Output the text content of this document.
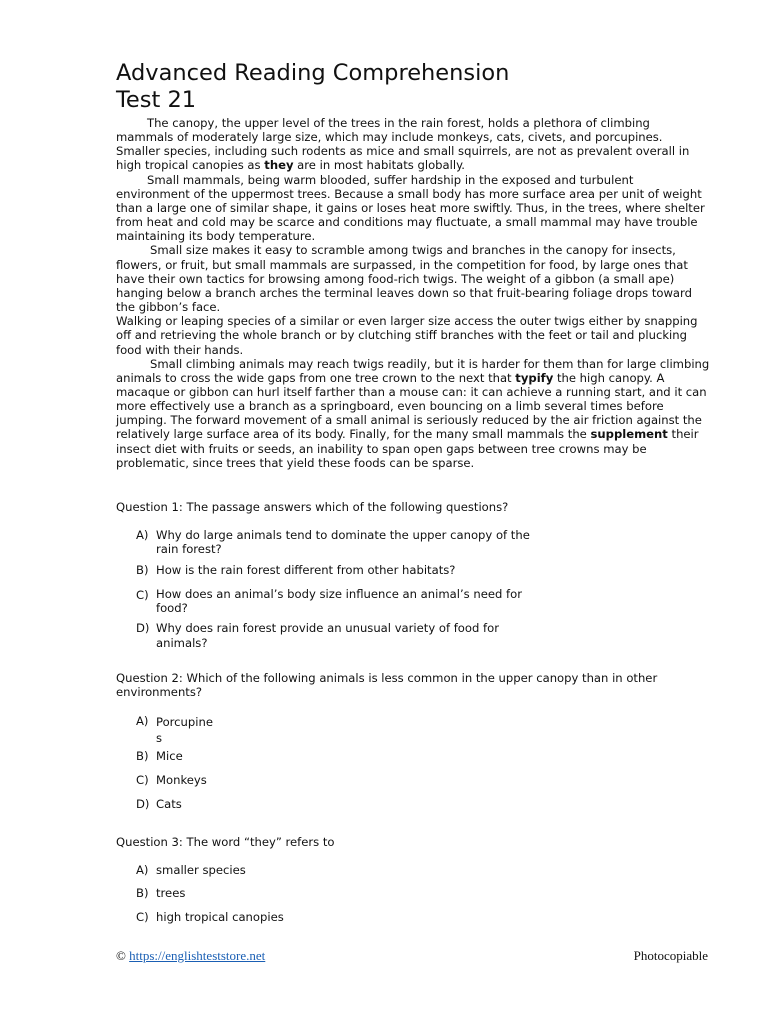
Advanced Reading Comprehension
Test 21

The canopy, the upper level of the trees in the rain forest, holds a plethora of climbing mammals of moderately large size, which may include monkeys, cats, civets, and porcupines. Smaller species, including such rodents as mice and small squirrels, are not as prevalent overall in high tropical canopies as they are in most habitats globally.

Small mammals, being warm blooded, suffer hardship in the exposed and turbulent environment of the uppermost trees. Because a small body has more surface area per unit of weight than a large one of similar shape, it gains or loses heat more swiftly. Thus, in the trees, where shelter from heat and cold may be scarce and conditions may fluctuate, a small mammal may have trouble maintaining its body temperature.

Small size makes it easy to scramble among twigs and branches in the canopy for insects, flowers, or fruit, but small mammals are surpassed, in the competition for food, by large ones that have their own tactics for browsing among food-rich twigs. The weight of a gibbon (a small ape) hanging below a branch arches the terminal leaves down so that fruit-bearing foliage drops toward the gibbon’s face.

Walking or leaping species of a similar or even larger size access the outer twigs either by snapping off and retrieving the whole branch or by clutching stiff branches with the feet or tail and plucking food with their hands.

Small climbing animals may reach twigs readily, but it is harder for them than for large climbing animals to cross the wide gaps from one tree crown to the next that typify the high canopy. A macaque or gibbon can hurl itself farther than a mouse can: it can achieve a running start, and it can more effectively use a branch as a springboard, even bouncing on a limb several times before jumping. The forward movement of a small animal is seriously reduced by the air friction against the relatively large surface area of its body. Finally, for the many small mammals the supplement their insect diet with fruits or seeds, an inability to span open gaps between tree crowns may be problematic, since trees that yield these foods can be sparse.

Question 1: The passage answers which of the following questions?
A) Why do large animals tend to dominate the upper canopy of the
rain forest?
B) How is the rain forest different from other habitats?
C) How does an animal’s body size influence an animal’s need for
food?
D) Why does rain forest provide an unusual variety of food for
animals?
Question 2: Which of the following animals is less common in the upper canopy than in other environments?
A) Porcupine
s
B) Mice
C) Monkeys
D) Cats
Question 3: The word “they” refers to
A) smaller species
B) trees
C) high tropical canopies
© https://englishteststore.net	Photocopiable
